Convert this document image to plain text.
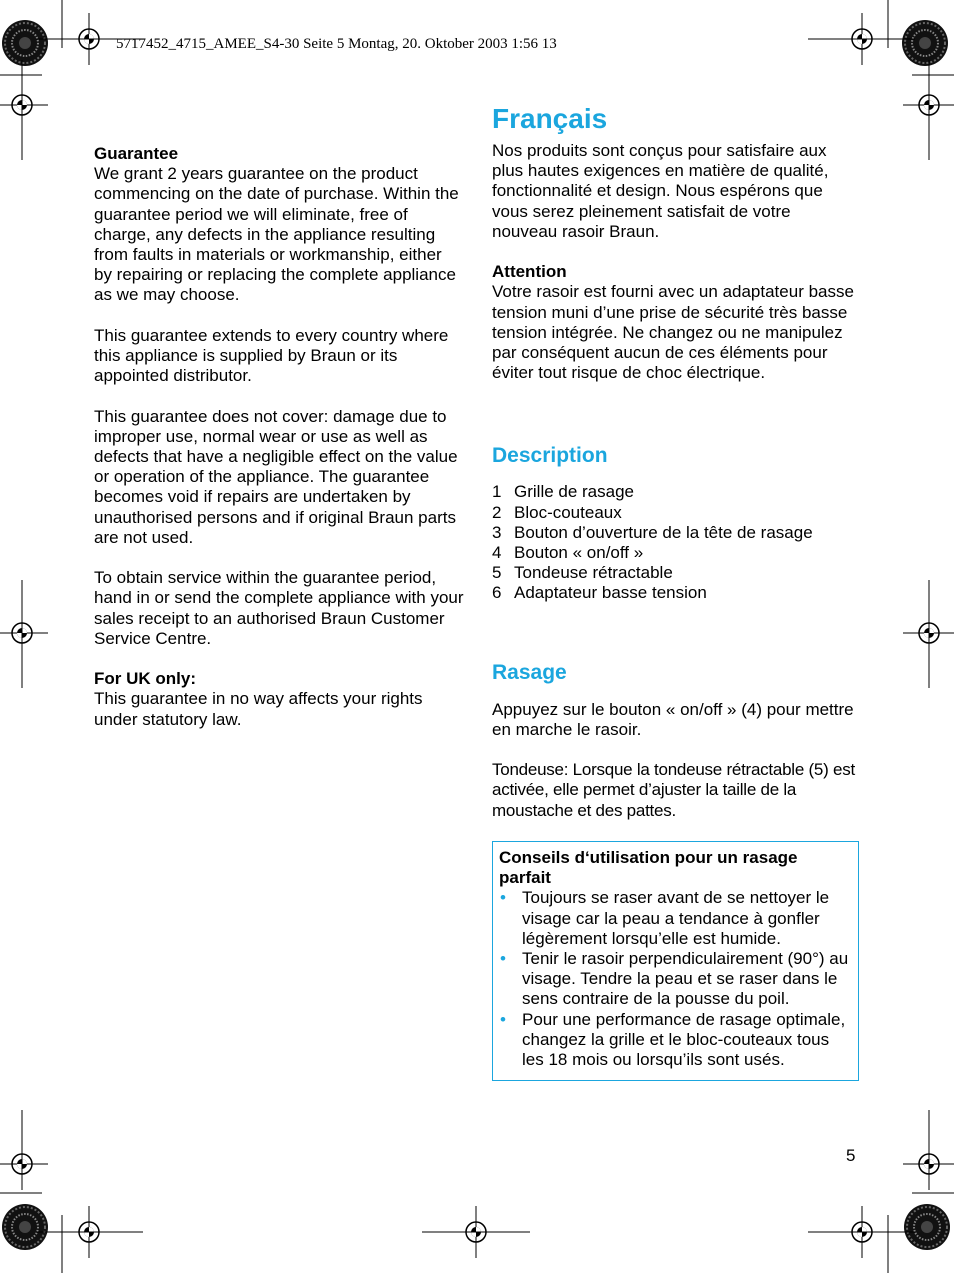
5717452_4715_AMEE_S4-30 Seite 5 Montag, 20. Oktober 2003 1:56 13

Guarantee

We grant 2 years guarantee on the product commencing on the date of purchase. Within the guarantee period we will eliminate, free of charge, any defects in the appliance resulting from faults in materials or workmanship, either by repairing or replacing the complete appliance as we may choose.

This guarantee extends to every country where this appliance is supplied by Braun or its appointed distributor.

This guarantee does not cover: damage due to improper use, normal wear or use as well as defects that have a negligible effect on the value or operation of the appliance. The guarantee becomes void if repairs are undertaken by unauthorised persons and if original Braun parts are not used.

To obtain service within the guarantee period, hand in or send the complete appliance with your sales receipt to an authorised Braun Customer Service Centre.

For UK only:

This guarantee in no way affects your rights under statutory law.

Français

Nos produits sont conçus pour satisfaire aux plus hautes exigences en matière de qualité, fonctionnalité et design. Nous espérons que vous serez pleinement satisfait de votre nouveau rasoir Braun.

Attention

Votre rasoir est fourni avec un adaptateur basse tension muni d’une prise de sécurité très basse tension intégrée. Ne changez ou ne manipulez par conséquent aucun de ces éléments pour éviter tout risque de choc électrique.

Description
1 Grille de rasage
2 Bloc-couteaux
3 Bouton d’ouverture de la tête de rasage
4 Bouton « on/off »
5 Tondeuse rétractable
6 Adaptateur basse tension
Rasage

Appuyez sur le bouton « on/off » (4) pour mettre en marche le rasoir.

Tondeuse: Lorsque la tondeuse rétractable (5) est activée, elle permet d’ajuster la taille de la moustache et des pattes.

Conseils d‘utilisation pour un rasage parfait

• Toujours se raser avant de se nettoyer le visage car la peau a tendance à gonfler légèrement lorsqu’elle est humide.
• Tenir le rasoir perpendiculairement (90°) au visage. Tendre la peau et se raser dans le sens contraire de la pousse du poil.
• Pour une performance de rasage optimale, changez la grille et le bloc-couteaux tous les 18 mois ou lorsqu’ils sont usés.
5
